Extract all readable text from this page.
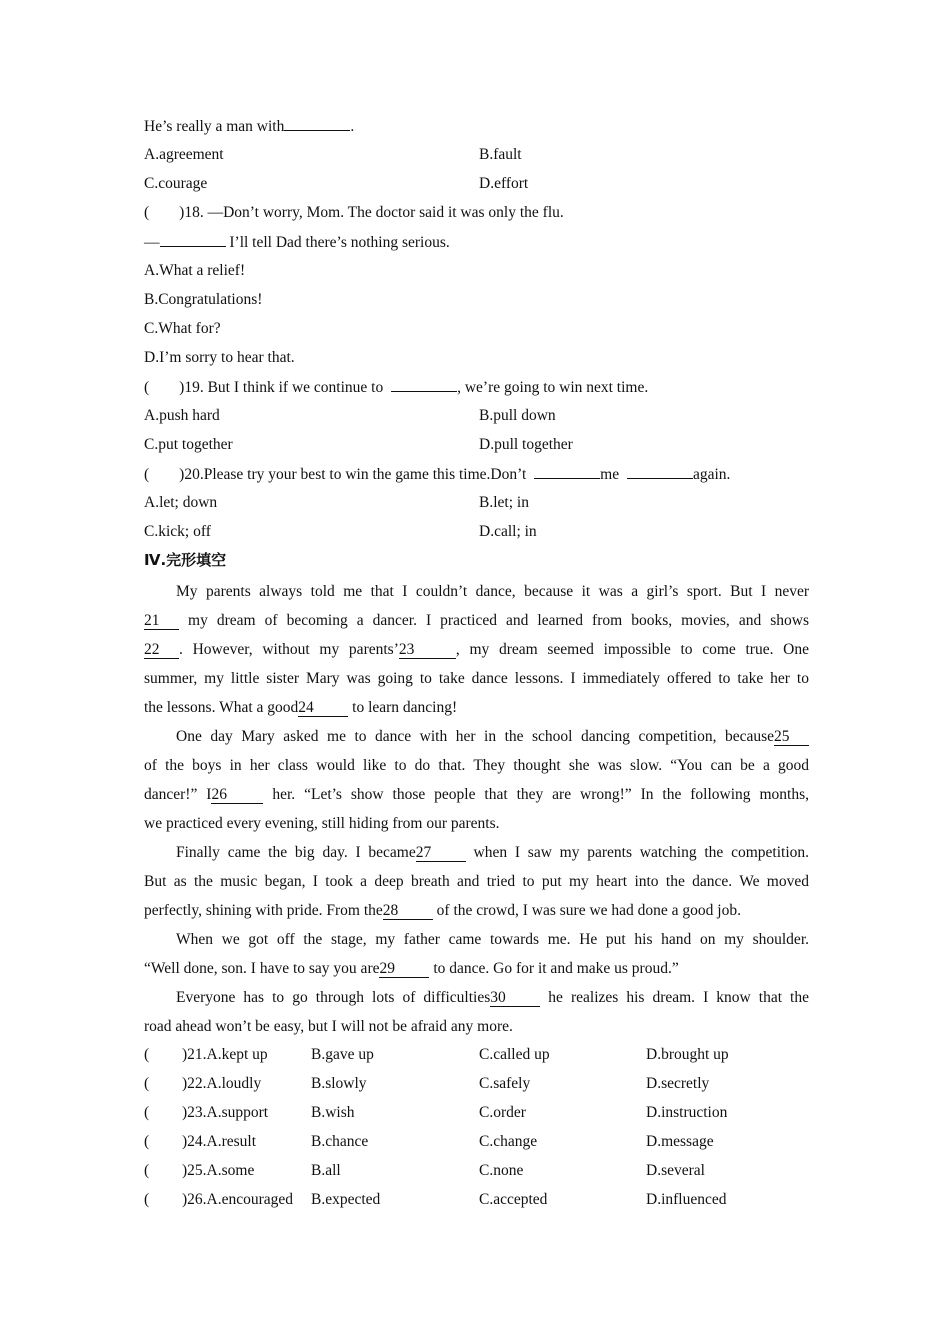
He’s really a man with	.
A.agreement	B.fault
C.courage	D.effort
( )18. —Don’t worry, Mom. The doctor said it was only the flu.
—	I’ll tell Dad there’s nothing serious.
A.What a relief!
B.Congratulations!
C.What for?
D.I’m sorry to hear that.
( )19. But I think if we continue to	, we’re going to win next time.
A.push hard	B.pull down
C.put together	D.pull together
( )20.Please try your best to win the game this time.Don’t	me	again.
A.let; down	B.let; in
C.kick; off	D.call; in
Ⅳ.完形填空
My parents always told me that I couldn’t dance, because it was a girl’s sport. But I never
21 my dream of becoming a dancer. I practiced and learned from books, movies, and shows
22 . However, without my parents’23	, my dream seemed impossible to come true. One
summer, my little sister Mary was going to take dance lessons. I immediately offered to take her to
the lessons. What a good24 to learn dancing!
One day Mary asked me to dance with her in the school dancing competition, because25
of the boys in her class would like to do that. They thought she was slow. “You can be a good
dancer!” I26 her. “Let’s show those people that they are wrong!” In the following months,
we practiced every evening, still hiding from our parents.
Finally came the big day. I became27 when I saw my parents watching the competition.
But as the music began, I took a deep breath and tried to put my heart into the dance. We moved
perfectly, shining with pride. From the28 of the crowd, I was sure we had done a good job.
When we got off the stage, my father came towards me. He put his hand on my shoulder.
“Well done, son. I have to say you are29 to dance. Go for it and make us proud.”
Everyone has to go through lots of difficulties30 he realizes his dream. I know that the
road ahead won’t be easy, but I will not be afraid any more.
( )21.A.kept up	B.gave up	C.called up	D.brought up
( )22.A.loudly	B.slowly	C.safely	D.secretly
( )23.A.support	B.wish	C.order	D.instruction
( )24.A.result	B.chance	C.change	D.message
( )25.A.some	B.all	C.none	D.several
( )26.A.encouraged B.expected	C.accepted	D.influenced
